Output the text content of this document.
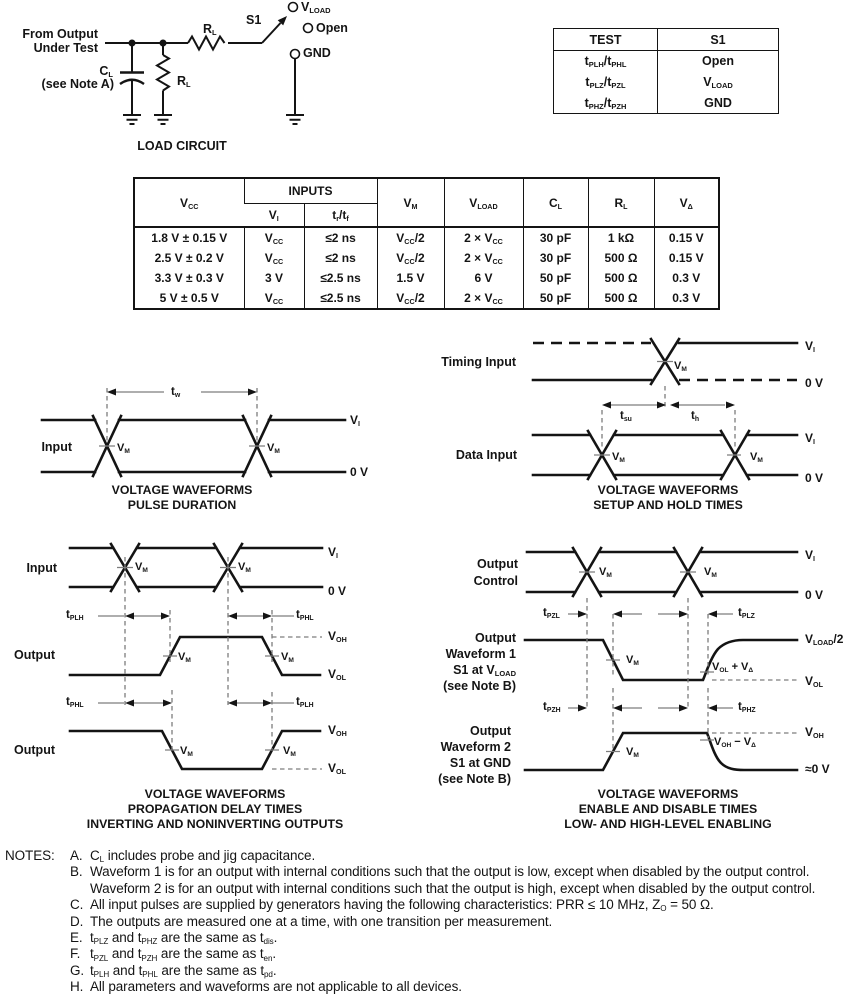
From Output
Under Test
$C_L$
(see Note A)	$R_L$
$R_L$
S1
$V_{LOAD}$
Open
GND
LOAD CIRCUIT
TEST	S1
$t_{PLH}/t_{PHL}$	Open
$t_{PLZ}/t_{PZL}$	$V_{LOAD}$
$t_{PHZ}/t_{PZH}$	GND
$V_{CC}$	INPUTS		$V_M$	$V_{LOAD}$	$C_L$	$R_L$	$V_\Delta$
	$V_I$	$t_r/t_f$
1.8 V ± 0.15 V	$V_{CC}$	≤2 ns	$V_{CC}/2$	$2 \times V_{CC}$	30 pF	1 kΩ	0.15 V
2.5 V ± 0.2 V	$V_{CC}$	≤2 ns	$V_{CC}/2$	$2 \times V_{CC}$	30 pF	500 Ω	0.15 V
3.3 V ± 0.3 V	3 V	≤2.5 ns	1.5 V	6 V	50 pF	500 Ω	0.3 V
5 V ± 0.5 V	$V_{CC}$	≤2.5 ns	$V_{CC}/2$	$2 \times V_{CC}$	50 pF	500 Ω	0.3 V
Input	$V_M$	$V_M$
$t_w$
$V_I$
0 V
VOLTAGE WAVEFORMS
PULSE DURATION
Timing Input
Data Input
$V_M$
$V_M$	$V_M$
$t_{su}$	$t_h$
$V_I$
0 V
$V_I$
0 V
VOLTAGE WAVEFORMS
SETUP AND HOLD TIMES
Input
Output
Output
$V_M$	$V_M$
$V_M$	$V_M$
$V_M$	$V_M$
$t_{PLH}$	$t_{PHL}$
$t_{PHL}$	$t_{PLH}$
$V_I$
0 V
$V_{OH}$
$V_{OL}$
$V_{OH}$
$V_{OL}$
VOLTAGE WAVEFORMS
PROPAGATION DELAY TIMES
INVERTING AND NONINVERTING OUTPUTS
Output
Control
Output
Waveform 1
S1 at $V_{LOAD}$
(see Note B)
Output
Waveform 2
S1 at GND
(see Note B)
$V_M$	$V_M$
$V_M$
$V_M$
$t_{PZL}$	$t_{PLZ}$
$t_{PZH}$	$t_{PHZ}$
$V_{OL} + V_\Delta$
$V_{OH} - V_\Delta$
$V_I$
0 V
$V_{LOAD}/2$
$V_{OL}$
$V_{OH}$
≈0 V
VOLTAGE WAVEFORMS
ENABLE AND DISABLE TIMES
LOW- AND HIGH-LEVEL ENABLING
NOTES:	A. $C_L$ includes probe and jig capacitance.
B. Waveform 1 is for an output with internal conditions such that the output is low, except when disabled by the output control.
Waveform 2 is for an output with internal conditions such that the output is high, except when disabled by the output control.
C. All input pulses are supplied by generators having the following characteristics: PRR ≤ 10 MHz, $Z_O = 50$ Ω.
D. The outputs are measured one at a time, with one transition per measurement.
E. $t_{PLZ}$ and $t_{PHZ}$ are the same as $t_{dis}$.
F. $t_{PZL}$ and $t_{PZH}$ are the same as $t_{en}$.
G. $t_{PLH}$ and $t_{PHL}$ are the same as $t_{pd}$.
H. All parameters and waveforms are not applicable to all devices.
